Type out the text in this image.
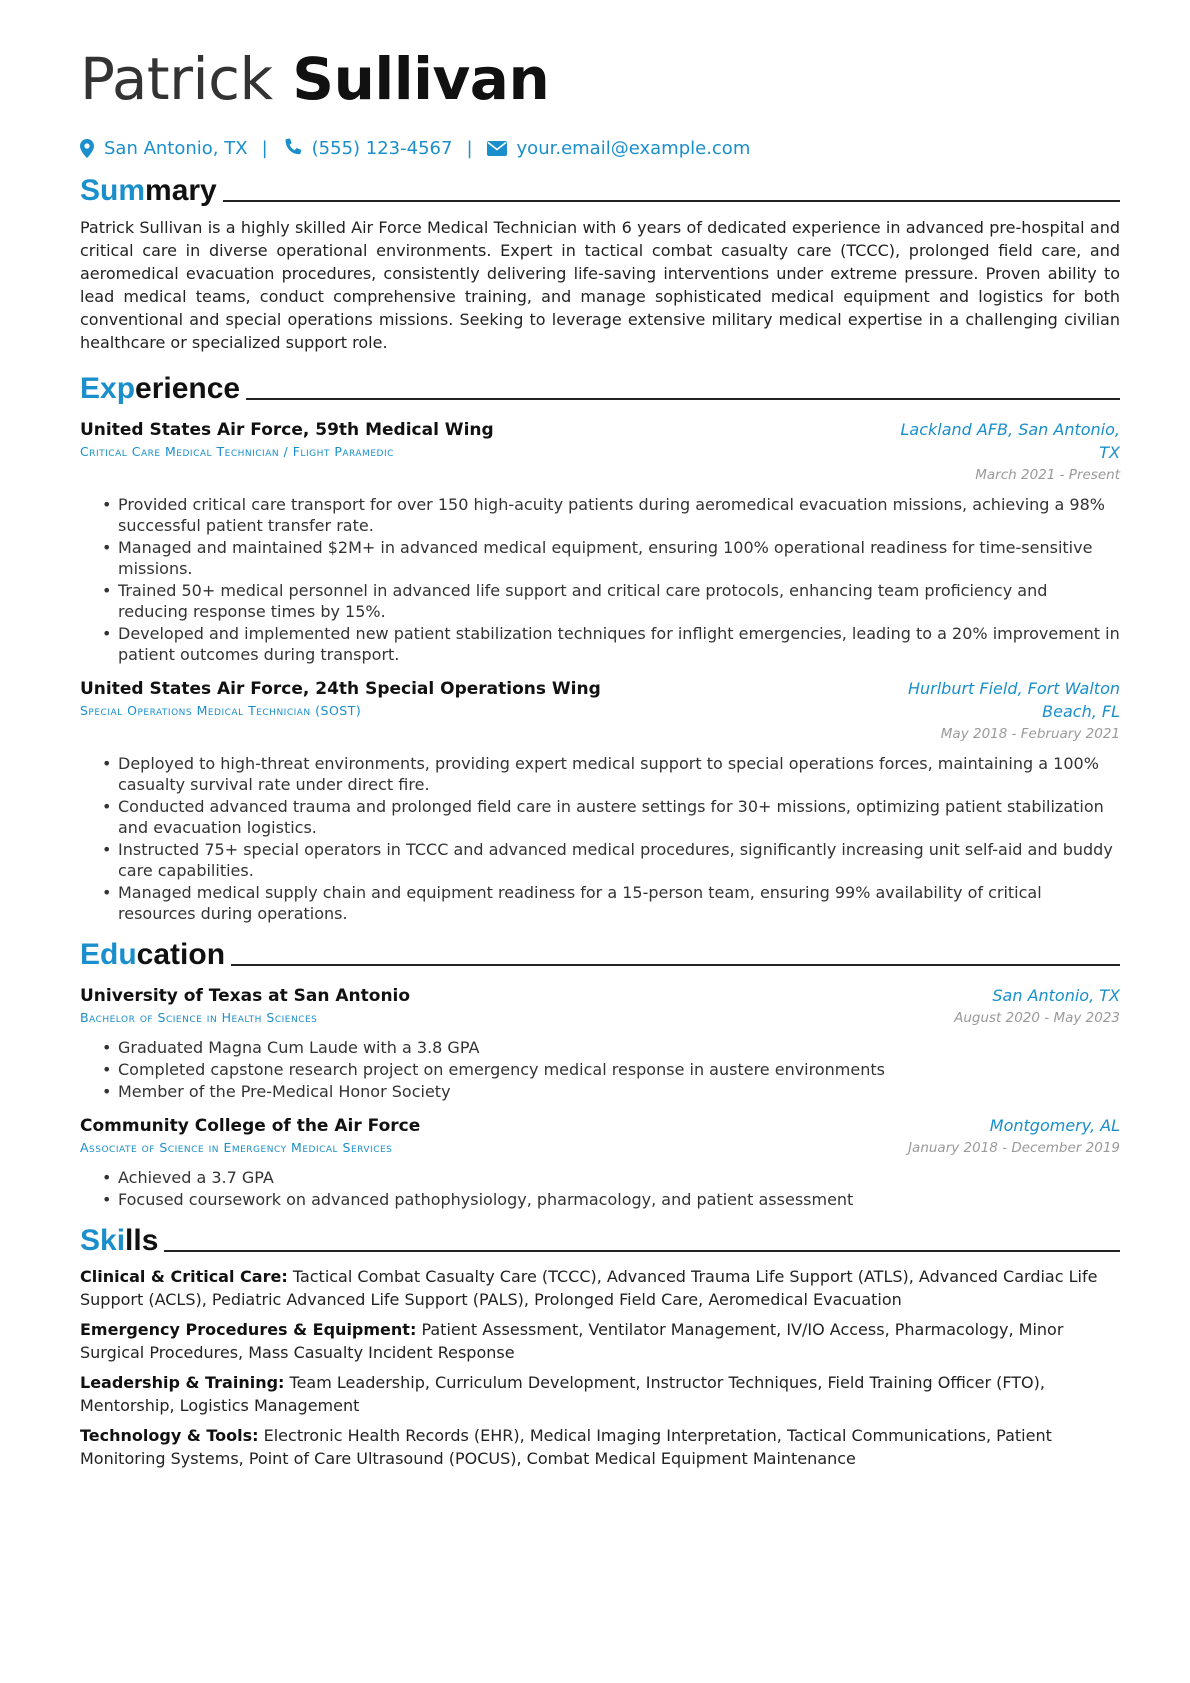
Patrick Sullivan
San Antonio, TX | (555) 123-4567 | your.email@example.com
Summary

Patrick Sullivan is a highly skilled Air Force Medical Technician with 6 years of dedicated experience in advanced pre-hospital and critical care in diverse operational environments. Expert in tactical combat casualty care (TCCC), prolonged field care, and aeromedical evacuation procedures, consistently delivering life-saving interventions under extreme pressure. Proven ability to lead medical teams, conduct comprehensive training, and manage sophisticated medical equipment and logistics for both conventional and special operations missions. Seeking to leverage extensive military medical expertise in a challenging civilian healthcare or specialized support role.

Experience
United States Air Force, 59th Medical Wing
Critical Care Medical Technician / Flight Paramedic
Lackland AFB, San Antonio, TX
March 2021 - Present
• Provided critical care transport for over 150 high-acuity patients during aeromedical evacuation missions, achieving a 98% successful patient transfer rate.
• Managed and maintained $2M+ in advanced medical equipment, ensuring 100% operational readiness for time-sensitive missions.
• Trained 50+ medical personnel in advanced life support and critical care protocols, enhancing team proficiency and reducing response times by 15%.
• Developed and implemented new patient stabilization techniques for inflight emergencies, leading to a 20% improvement in patient outcomes during transport.
United States Air Force, 24th Special Operations Wing
Special Operations Medical Technician (SOST)
Hurlburt Field, Fort Walton Beach, FL
May 2018 - February 2021
• Deployed to high-threat environments, providing expert medical support to special operations forces, maintaining a 100% casualty survival rate under direct fire.
• Conducted advanced trauma and prolonged field care in austere settings for 30+ missions, optimizing patient stabilization and evacuation logistics.
• Instructed 75+ special operators in TCCC and advanced medical procedures, significantly increasing unit self-aid and buddy care capabilities.
• Managed medical supply chain and equipment readiness for a 15-person team, ensuring 99% availability of critical resources during operations.
Education
University of Texas at San Antonio
Bachelor of Science in Health Sciences
San Antonio, TX
August 2020 - May 2023
• Graduated Magna Cum Laude with a 3.8 GPA
• Completed capstone research project on emergency medical response in austere environments
• Member of the Pre-Medical Honor Society
Community College of the Air Force
Associate of Science in Emergency Medical Services
Montgomery, AL
January 2018 - December 2019
• Achieved a 3.7 GPA
• Focused coursework on advanced pathophysiology, pharmacology, and patient assessment
Skills
Clinical & Critical Care: Tactical Combat Casualty Care (TCCC), Advanced Trauma Life Support (ATLS), Advanced Cardiac Life Support (ACLS), Pediatric Advanced Life Support (PALS), Prolonged Field Care, Aeromedical Evacuation
Emergency Procedures & Equipment: Patient Assessment, Ventilator Management, IV/IO Access, Pharmacology, Minor Surgical Procedures, Mass Casualty Incident Response
Leadership & Training: Team Leadership, Curriculum Development, Instructor Techniques, Field Training Officer (FTO), Mentorship, Logistics Management
Technology & Tools: Electronic Health Records (EHR), Medical Imaging Interpretation, Tactical Communications, Patient Monitoring Systems, Point of Care Ultrasound (POCUS), Combat Medical Equipment Maintenance
